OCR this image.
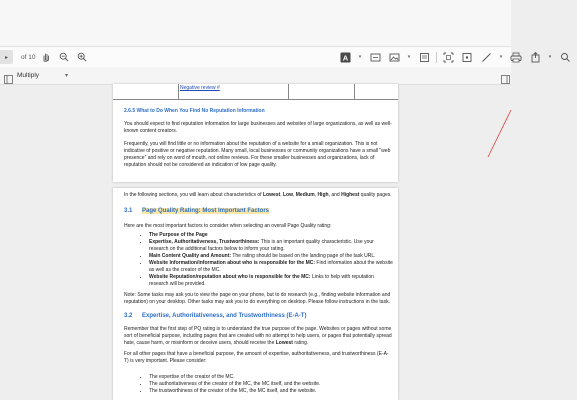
▸	of 10	A	▾	▾	▾	▾
Multiply	▾
Negative review #
2.6.5 What to Do When You Find No Reputation Information
You should expect to find reputation information for large businesses and websites of large organizations, as well as well-known content creators.
Frequently, you will find little or no information about the reputation of a website for a small organization. This is not indicative of positive or negative reputation. Many small, local businesses or community organizations have a small "web presence" and rely on word of mouth, not online reviews. For these smaller businesses and organizations, lack of reputation should not be considered an indication of low page quality.
In the following sections, you will learn about characteristics of Lowest, Low, Medium, High, and Highest quality pages.
3.1 Page Quality Rating: Most Important Factors
Here are the most important factors to consider when selecting an overall Page Quality rating:
• The Purpose of the Page
• Expertise, Authoritativeness, Trustworthiness: This is an important quality characteristic. Use your research on the additional factors below to inform your rating.
• Main Content Quality and Amount: The rating should be based on the landing page of the task URL.
• Website Information/information about who is responsible for the MC: Find information about the website as well as the creator of the MC.
• Website Reputation/reputation about who is responsible for the MC: Links to help with reputation research will be provided.
Note: Some tasks may ask you to view the page on your phone, but to do research (e.g., finding website information and reputation) on your desktop. Other tasks may ask you to do everything on desktop. Please follow instructions in the task.
3.2 Expertise, Authoritativeness, and Trustworthiness (E-A-T)
Remember that the first step of PQ rating is to understand the true purpose of the page. Websites or pages without some sort of beneficial purpose, including pages that are created with no attempt to help users, or pages that potentially spread hate, cause harm, or misinform or deceive users, should receive the Lowest rating.
For all other pages that have a beneficial purpose, the amount of expertise, authoritativeness, and trustworthiness (E-A-T) is very important. Please consider:
• The expertise of the creator of the MC.
• The authoritativeness of the creator of the MC, the MC itself, and the website.
• The trustworthiness of the creator of the MC, the MC itself, and the website.
